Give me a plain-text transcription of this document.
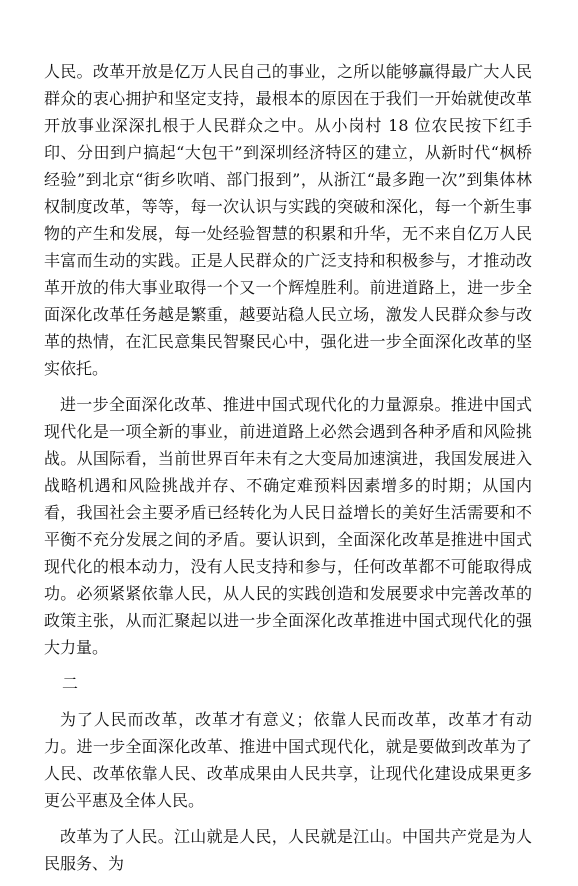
人民。改革开放是亿万人民自己的事业，之所以能够赢得最广大人民群众的衷心拥护和坚定支持，最根本的原因在于我们一开始就使改革开放事业深深扎根于人民群众之中。从小岗村 18 位农民按下红手印、分田到户搞起“大包干”到深圳经济特区的建立，从新时代“枫桥经验”到北京“街乡吹哨、部门报到”，从浙江“最多跑一次”到集体林权制度改革，等等，每一次认识与实践的突破和深化，每一个新生事物的产生和发展，每一处经验智慧的积累和升华，无不来自亿万人民丰富而生动的实践。正是人民群众的广泛支持和积极参与，才推动改革开放的伟大事业取得一个又一个辉煌胜利。前进道路上，进一步全面深化改革任务越是繁重，越要站稳人民立场，激发人民群众参与改革的热情，在汇民意集民智聚民心中，强化进一步全面深化改革的坚实依托。

进一步全面深化改革、推进中国式现代化的力量源泉。推进中国式现代化是一项全新的事业，前进道路上必然会遇到各种矛盾和风险挑战。从国际看，当前世界百年未有之大变局加速演进，我国发展进入战略机遇和风险挑战并存、不确定难预料因素增多的时期；从国内看，我国社会主要矛盾已经转化为人民日益增长的美好生活需要和不平衡不充分发展之间的矛盾。要认识到，全面深化改革是推进中国式现代化的根本动力，没有人民支持和参与，任何改革都不可能取得成功。必须紧紧依靠人民，从人民的实践创造和发展要求中完善改革的政策主张，从而汇聚起以进一步全面深化改革推进中国式现代化的强大力量。

二

为了人民而改革，改革才有意义；依靠人民而改革，改革才有动力。进一步全面深化改革、推进中国式现代化，就是要做到改革为了人民、改革依靠人民、改革成果由人民共享，让现代化建设成果更多更公平惠及全体人民。

改革为了人民。江山就是人民，人民就是江山。中国共产党是为人民服务、为
